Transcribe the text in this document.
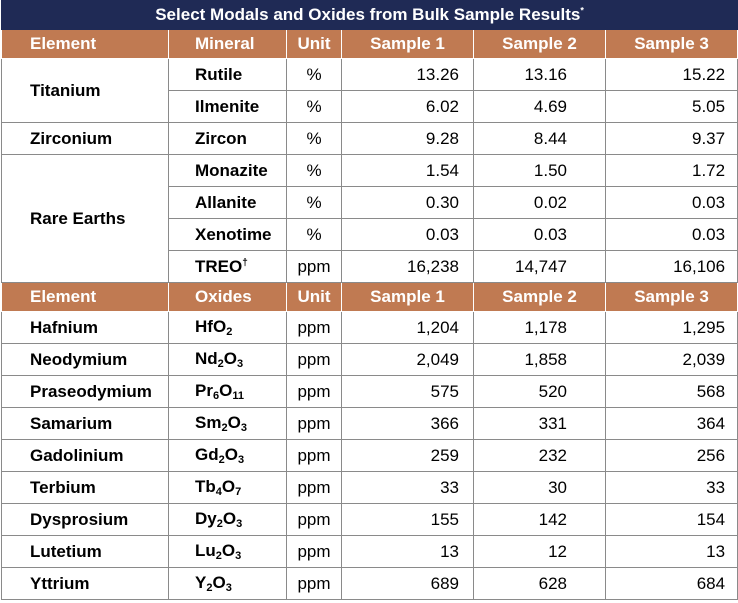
Select Modals and Oxides from Bulk Sample Results*
Element	Mineral	Unit	Sample 1	Sample 2	Sample 3
Titanium	Rutile	%	13.26	13.16	15.22
	Ilmenite	%	6.02	4.69	5.05
Zirconium	Zircon	%	9.28	8.44	9.37
Rare Earths	Monazite	%	1.54	1.50	1.72
	Allanite	%	0.30	0.02	0.03
	Xenotime	%	0.03	0.03	0.03
	TREO†	ppm	16,238	14,747	16,106
Element	Oxides	Unit	Sample 1	Sample 2	Sample 3
Hafnium	HfO$_2$	ppm	1,204	1,178	1,295
Neodymium	$Nd_2O_3$	ppm	2,049	1,858	2,039
Praseodymium	$Pr_6O_{11}$	ppm	575	520	568
Samarium	$Sm_2O_3$	ppm	366	331	364
Gadolinium	$Gd_2O_3$	ppm	259	232	256
Terbium	$Tb_4O_7$	ppm	33	30	33
Dysprosium	$Dy_2O_3$	ppm	155	142	154
Lutetium	$Lu_2O_3$	ppm	13	12	13
Yttrium	$Y_2O_3$	ppm	689	628	684
